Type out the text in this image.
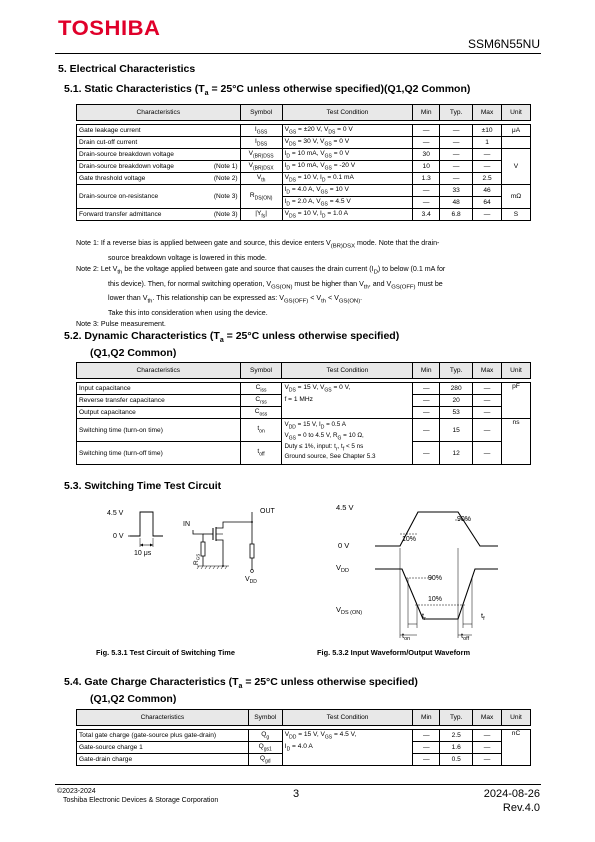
TOSHIBA
SSM6N55NU
5. Electrical Characteristics
5.1. Static Characteristics ($T_a = 25^\circ C$ unless otherwise specified)(Q1,Q2 Common)
Characteristics	Symbol	Test Condition	Min	Typ.	Max	Unit

Gate leakage current	$I_{GSS}$	$V_{GS} = \pm 20$ V, $V_{DS} = 0$ V	—	—	±10	μA
Drain cut-off current	$I_{DSS}$	$V_{DS} = 30$ V, $V_{GS} = 0$ V	—	—	1	
Drain-source breakdown voltage	$V_{(BR)DSS}$	$I_D = 10$ mA, $V_{GS} = 0$ V	30	—	—	V
Drain-source breakdown voltage (Note 1)	$V_{(BR)DSX}$	$I_D = 10$ mA, $V_{GS} = -20$ V	10	—	—	
Gate threshold voltage (Note 2)	$V_{th}$	$V_{DS} = 10$ V, $I_D = 0.1$ mA	1.3	—	2.5	
Drain-source on-resistance (Note 3)	$R_{DS(ON)}$	$I_D = 4.0$ A, $V_{GS} = 10$ V	—	33	46	mΩ
		$I_D = 2.0$ A, $V_{GS} = 4.5$ V	—	48	64	
Forward transfer admittance (Note 3)	$|Y_{fs}|$	$V_{DS} = 10$ V, $I_D = 1.0$ A	3.4	6.8	—	S
Note 1: If a reverse bias is applied between gate and source, this device enters $V_{(BR)DSX}$ mode. Note that the drain-
source breakdown voltage is lowered in this mode.
Note 2: Let $V_{th}$ be the voltage applied between gate and source that causes the drain current $(I_D)$ to below (0.1 mA for
this device). Then, for normal switching operation, $V_{GS(ON)}$ must be higher than $V_{th}$, and $V_{GS(OFF)}$ must be
lower than $V_{th}$. This relationship can be expressed as: $V_{GS(OFF)} < V_{th} < V_{GS(ON)}$.
Take this into consideration when using the device.
Note 3: Pulse measurement.
5.2. Dynamic Characteristics ($T_a = 25^\circ C$ unless otherwise specified)
(Q1,Q2 Common)
Characteristics	Symbol	Test Condition	Min	Typ.	Max	Unit

Input capacitance	$C_{iss}$	$V_{DS} = 15$ V, $V_{GS} = 0$ V,
f = 1 MHz	—	280	—	pF
Reverse transfer capacitance	$C_{rss}$		—	20	—	
Output capacitance	$C_{oss}$		—	53	—	
Switching time (turn-on time)	$t_{on}$	$V_{DD} = 15$ V, $I_D = 0.5$ A
$V_{GS} = 0$ to 4.5 V, $R_G = 10$ Ω,
Duty ≤ 1%, input: $t_r$, $t_f < 5$ ns
Ground source, See Chapter 5.3	—	15	—	ns
Switching time (turn-off time)	$t_{off}$		—	12	—	
5.3. Switching Time Test Circuit
4.5 V
0 V
10 μs
IN
OUT
$V_{DD}$
$R_{GS}$
4.5 V
0 V
10%
90%
$V_{DD}$
90%
10%
$V_{DS (ON)}$	$t_r$	$t_f$
$t_{on}$	$t_{off}$
Fig. 5.3.1 Test Circuit of Switching Time	Fig. 5.3.2 Input Waveform/Output Waveform
5.4. Gate Charge Characteristics ($T_a = 25^\circ C$ unless otherwise specified)
(Q1,Q2 Common)
Characteristics	Symbol	Test Condition	Min	Typ.	Max	Unit

Total gate charge (gate-source plus gate-drain)	$Q_g$	$V_{DD} = 15$ V, $V_{GS} = 4.5$ V,
$I_D = 4.0$ A	—	2.5	—	nC
Gate-source charge 1	$Q_{gs1}$		—	1.6	—	
Gate-drain charge	$Q_{gd}$		—	0.5	—	
©2023-2024
Toshiba Electronic Devices & Storage Corporation
3	2024-08-26
Rev.4.0
